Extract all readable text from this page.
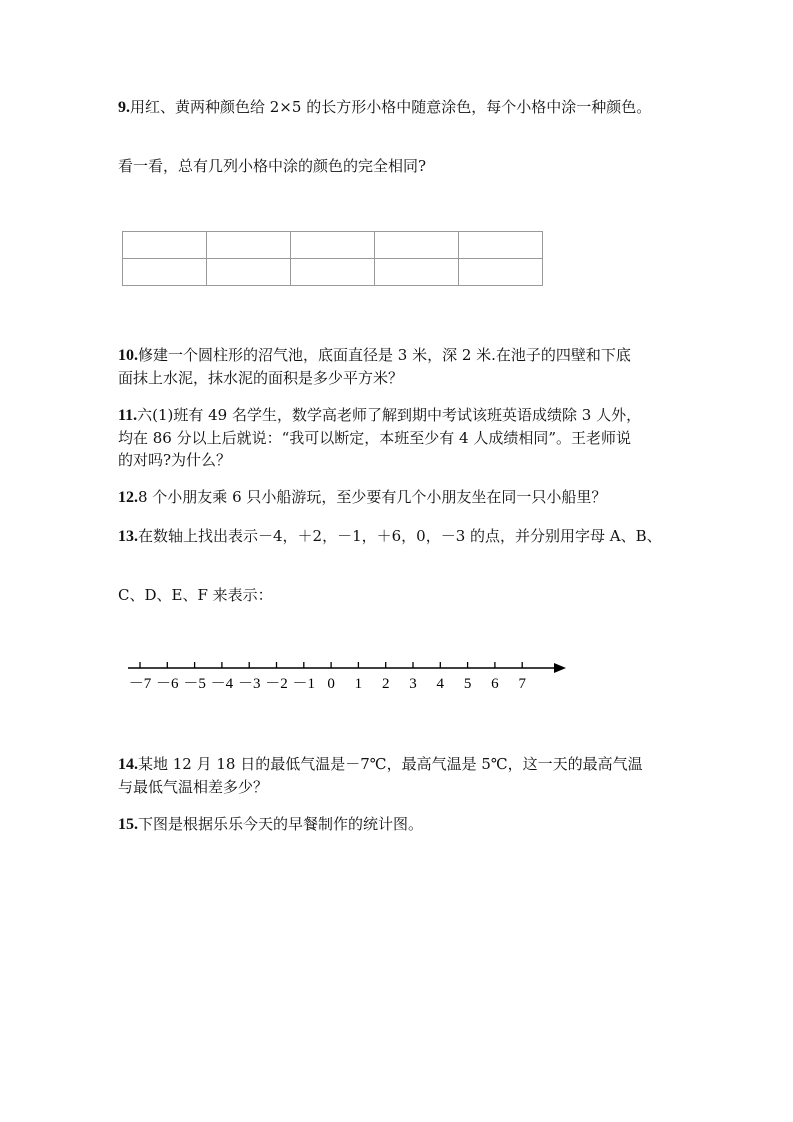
9.用红、黄两种颜色给 2×5 的长方形小格中随意涂色，每个小格中涂一种颜色。

看一看，总有几列小格中涂的颜色的完全相同?

10.修建一个圆柱形的沼气池，底面直径是 3 米，深 2 米.在池子的四壁和下底
面抹上水泥，抹水泥的面积是多少平方米？
11.六(1)班有 49 名学生，数学高老师了解到期中考试该班英语成绩除 3 人外，
均在 86 分以上后就说：“我可以断定，本班至少有 4 人成绩相同”。王老师说
的对吗?为什么？

12.8 个小朋友乘 6 只小船游玩，至少要有几个小朋友坐在同一只小船里？

13.在数轴上找出表示－4，＋2，－1，＋6，0，－3 的点，并分别用字母 A、B、

C、D、E、F 来表示：

－7 －6 －5 －4 －3 －2 －1 0 1 2 3 4 5 6 7
14.某地 12 月 18 日的最低气温是－7℃，最高气温是 5℃，这一天的最高气温
与最低气温相差多少？

15.下图是根据乐乐今天的早餐制作的统计图。
